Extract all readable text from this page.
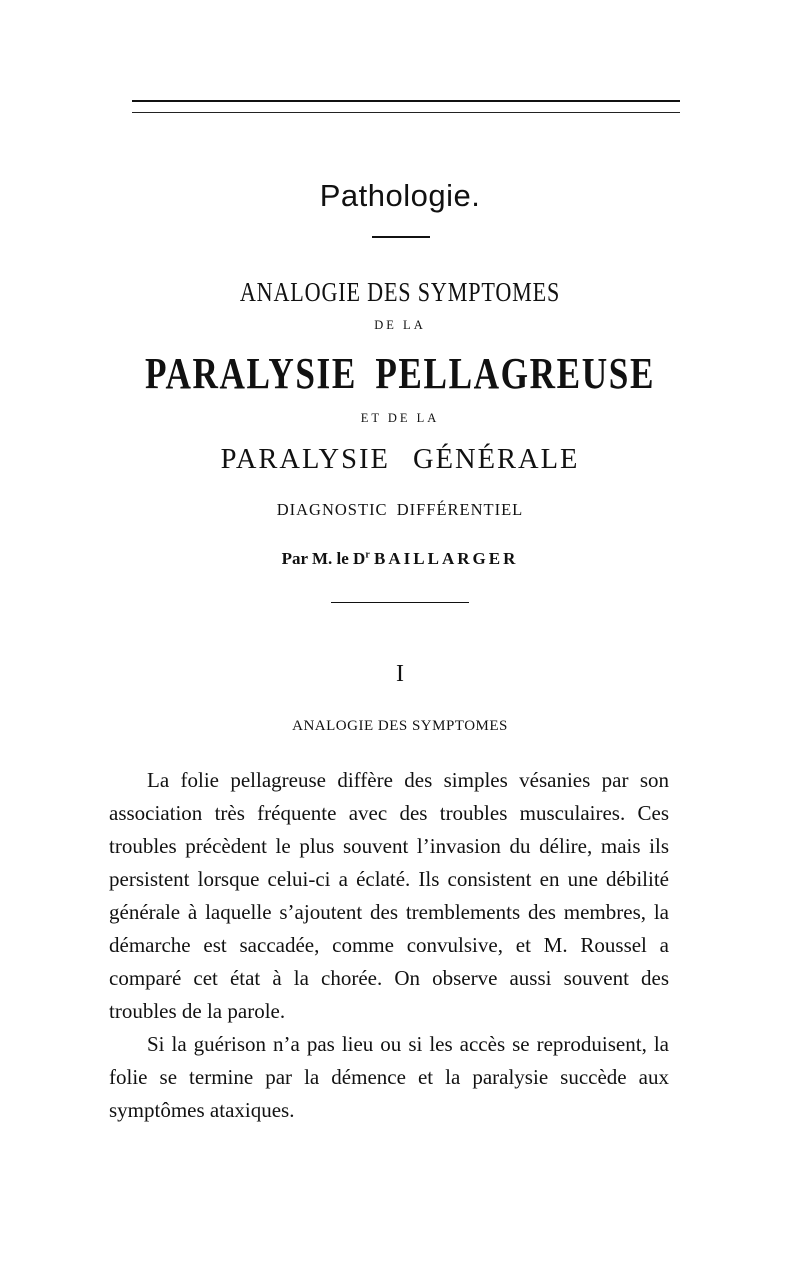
Pathologie.
ANALOGIE DES SYMPTOMES
DE LA
PARALYSIE PELLAGREUSE
ET DE LA
PARALYSIE GÉNÉRALE
DIAGNOSTIC DIFFÉRENTIEL
Par M. le $D^r$ BAILLARGER
I
ANALOGIE DES SYMPTOMES

La folie pellagreuse diffère des simples vésanies par son association très fréquente avec des troubles musculaires. Ces troubles précèdent le plus souvent l’invasion du délire, mais ils persistent lorsque celui-ci a éclaté. Ils consistent en une débilité générale à laquelle s’ajoutent des tremblements des membres, la démarche est saccadée, comme convulsive, et M. Roussel a comparé cet état à la chorée. On observe aussi souvent des troubles de la parole.

Si la guérison n’a pas lieu ou si les accès se reproduisent, la folie se termine par la démence et la paralysie succède aux symptômes ataxiques.
